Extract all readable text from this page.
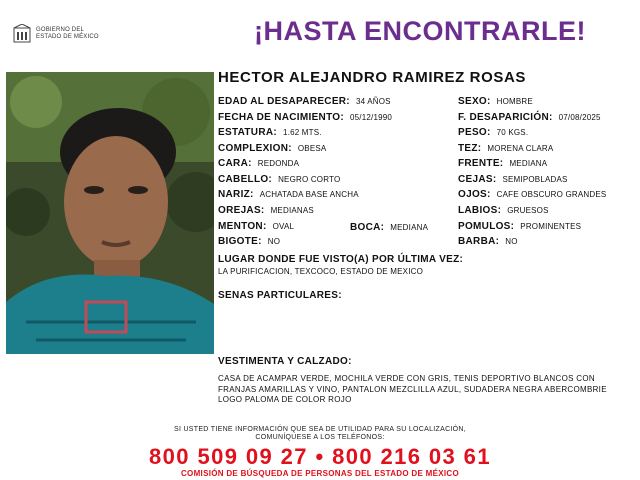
GOBIERNO DEL
ESTADO DE MÉXICO	¡HASTA ENCONTRARLE!
HECTOR ALEJANDRO RAMIREZ ROSAS
EDAD AL DESAPARECER: 34 AÑOS
FECHA DE NACIMIENTO: 05/12/1990
ESTATURA: 1.62 MTS.
COMPLEXION: OBESA
CARA: REDONDA
CABELLO: NEGRO CORTO
NARIZ: ACHATADA BASE ANCHA
OREJAS: MEDIANAS
MENTON: OVAL	BOCA: MEDIANA
BIGOTE: NO
SEXO: HOMBRE
F. DESAPARICIÓN: 07/08/2025
PESO: 70 KGS.
TEZ: MORENA CLARA
FRENTE: MEDIANA
CEJAS: SEMIPOBLADAS
OJOS: CAFE OBSCURO GRANDES
LABIOS: GRUESOS
POMULOS: PROMINENTES
BARBA: NO
LUGAR DONDE FUE VISTO(A) POR ÚLTIMA VEZ:
LA PURIFICACION, TEXCOCO, ESTADO DE MEXICO
SENAS PARTICULARES:
VESTIMENTA Y CALZADO:
CASA DE ACAMPAR VERDE, MOCHILA VERDE CON GRIS, TENIS DEPORTIVO BLANCOS CON FRANJAS AMARILLAS Y VINO, PANTALON MEZCLILLA AZUL, SUDADERA NEGRA ABERCOMBRIE LOGO PALOMA DE COLOR ROJO
SI USTED TIENE INFORMACIÓN QUE SEA DE UTILIDAD PARA SU LOCALIZACIÓN,
COMUNÍQUESE A LOS TELÉFONOS:
800 509 09 27 • 800 216 03 61
COMISIÓN DE BÚSQUEDA DE PERSONAS DEL ESTADO DE MÉXICO
